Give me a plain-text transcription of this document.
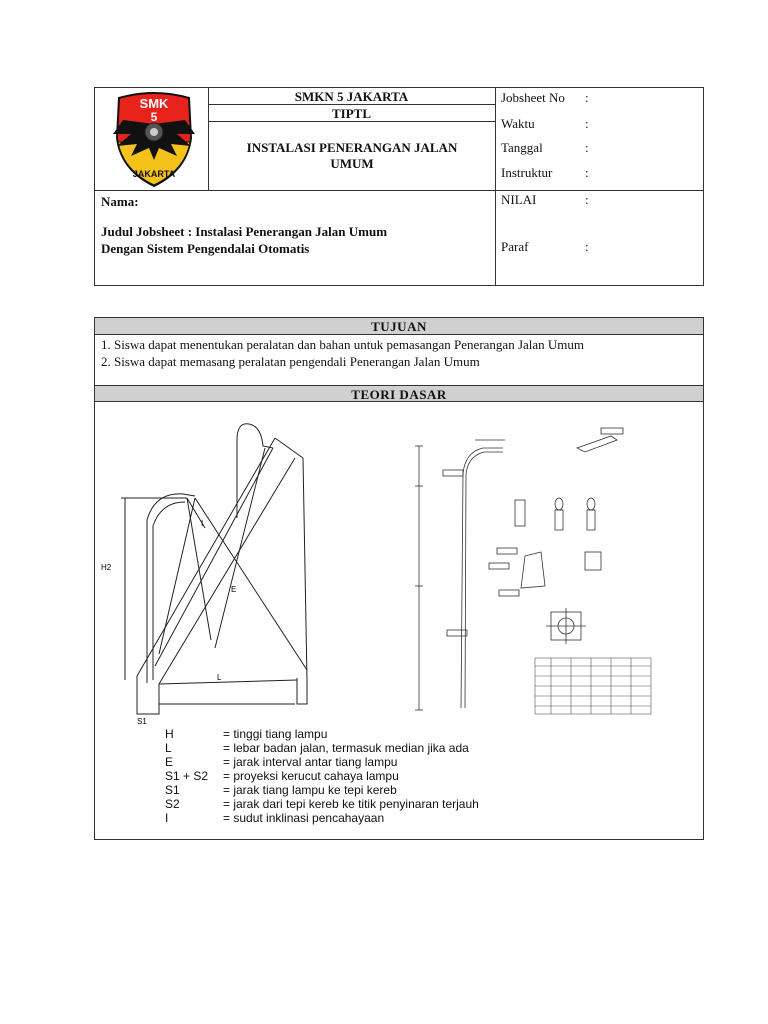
SMK
5
JAKARTA
SMKN 5 JAKARTA
TIPTL
INSTALASI PENERANGAN JALAN UMUM
Jobsheet No :
Waktu	:
Tanggal	:
Instruktur	:
Nama:
Judul Jobsheet : Instalasi Penerangan Jalan Umum
Dengan Sistem Pengendalai Otomatis
NILAI	:
Paraf	:
TUJUAN
1. Siswa dapat menentukan peralatan dan bahan untuk pemasangan Penerangan Jalan Umum
2. Siswa dapat memasang peralatan pengendali Penerangan Jalan Umum
TEORI DASAR
H2
E
L
S1
I
H	= tinggi tiang lampu
L	= lebar badan jalan, termasuk median jika ada
E	= jarak interval antar tiang lampu
S1 + S2 = proyeksi kerucut cahaya lampu
S1	= jarak tiang lampu ke tepi kereb
S2	= jarak dari tepi kereb ke titik penyinaran terjauh
I	= sudut inklinasi pencahayaan
